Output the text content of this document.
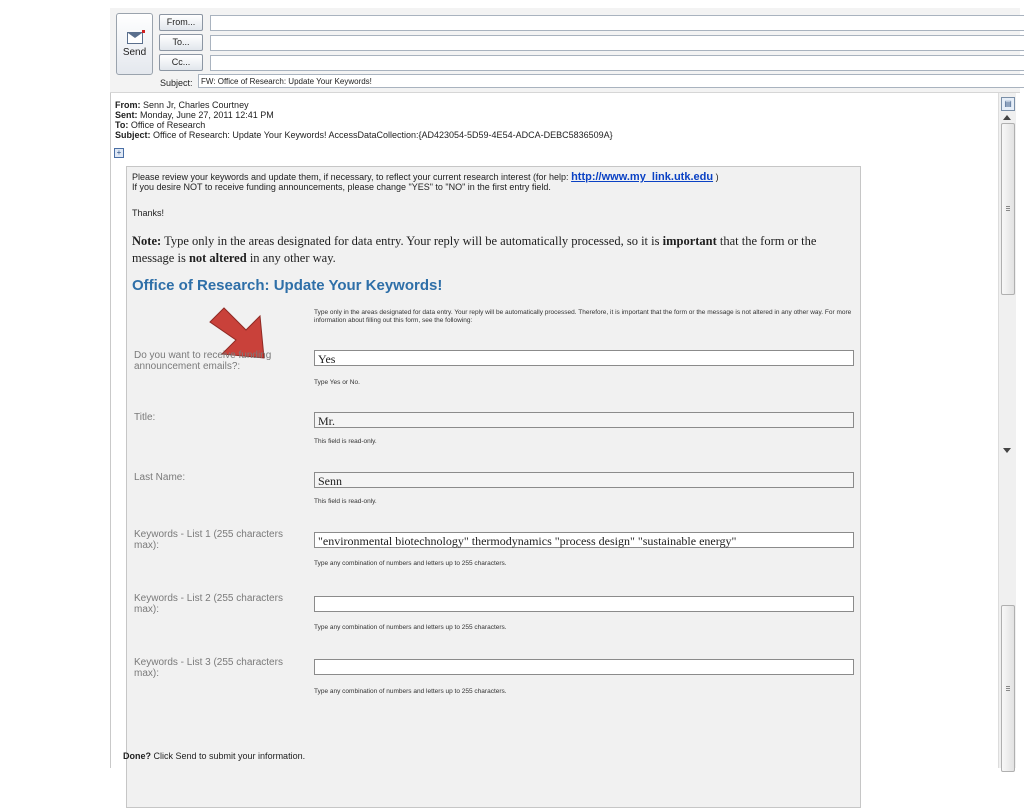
Send
From...
To...
Cc...
Subject:	FW: Office of Research: Update Your Keywords!
From: Senn Jr, Charles Courtney
Sent: Monday, June 27, 2011 12:41 PM
To: Office of Research
Subject: Office of Research: Update Your Keywords! AccessDataCollection:{AD423054-5D59-4E54-ADCA-DEBC5836509A}
+
Please review your keywords and update them, if necessary, to reflect your current research interest (for help: http://www.my_link.utk.edu )
If you desire NOT to receive funding announcements, please change "YES" to "NO" in the first entry field.
Thanks!
Note: Type only in the areas designated for data entry. Your reply will be automatically processed, so it is important that the form or the message is not altered in any other way.
Office of Research: Update Your Keywords!
Type only in the areas designated for data entry. Your reply will be automatically processed. Therefore, it is important that the form or the message is not altered in any other way. For more information about filling out this form, see the following:
Do you want to receive funding announcement emails?:
Yes
Type Yes or No.
Title:	Mr.
This field is read-only.
Last Name:	Senn
This field is read-only.
Keywords - List 1 (255 characters max):	"environmental biotechnology" thermodynamics "process design" "sustainable energy"
Type any combination of numbers and letters up to 255 characters.
Keywords - List 2 (255 characters max):
Type any combination of numbers and letters up to 255 characters.
Keywords - List 3 (255 characters max):
Type any combination of numbers and letters up to 255 characters.
Done? Click Send to submit your information.
▤
